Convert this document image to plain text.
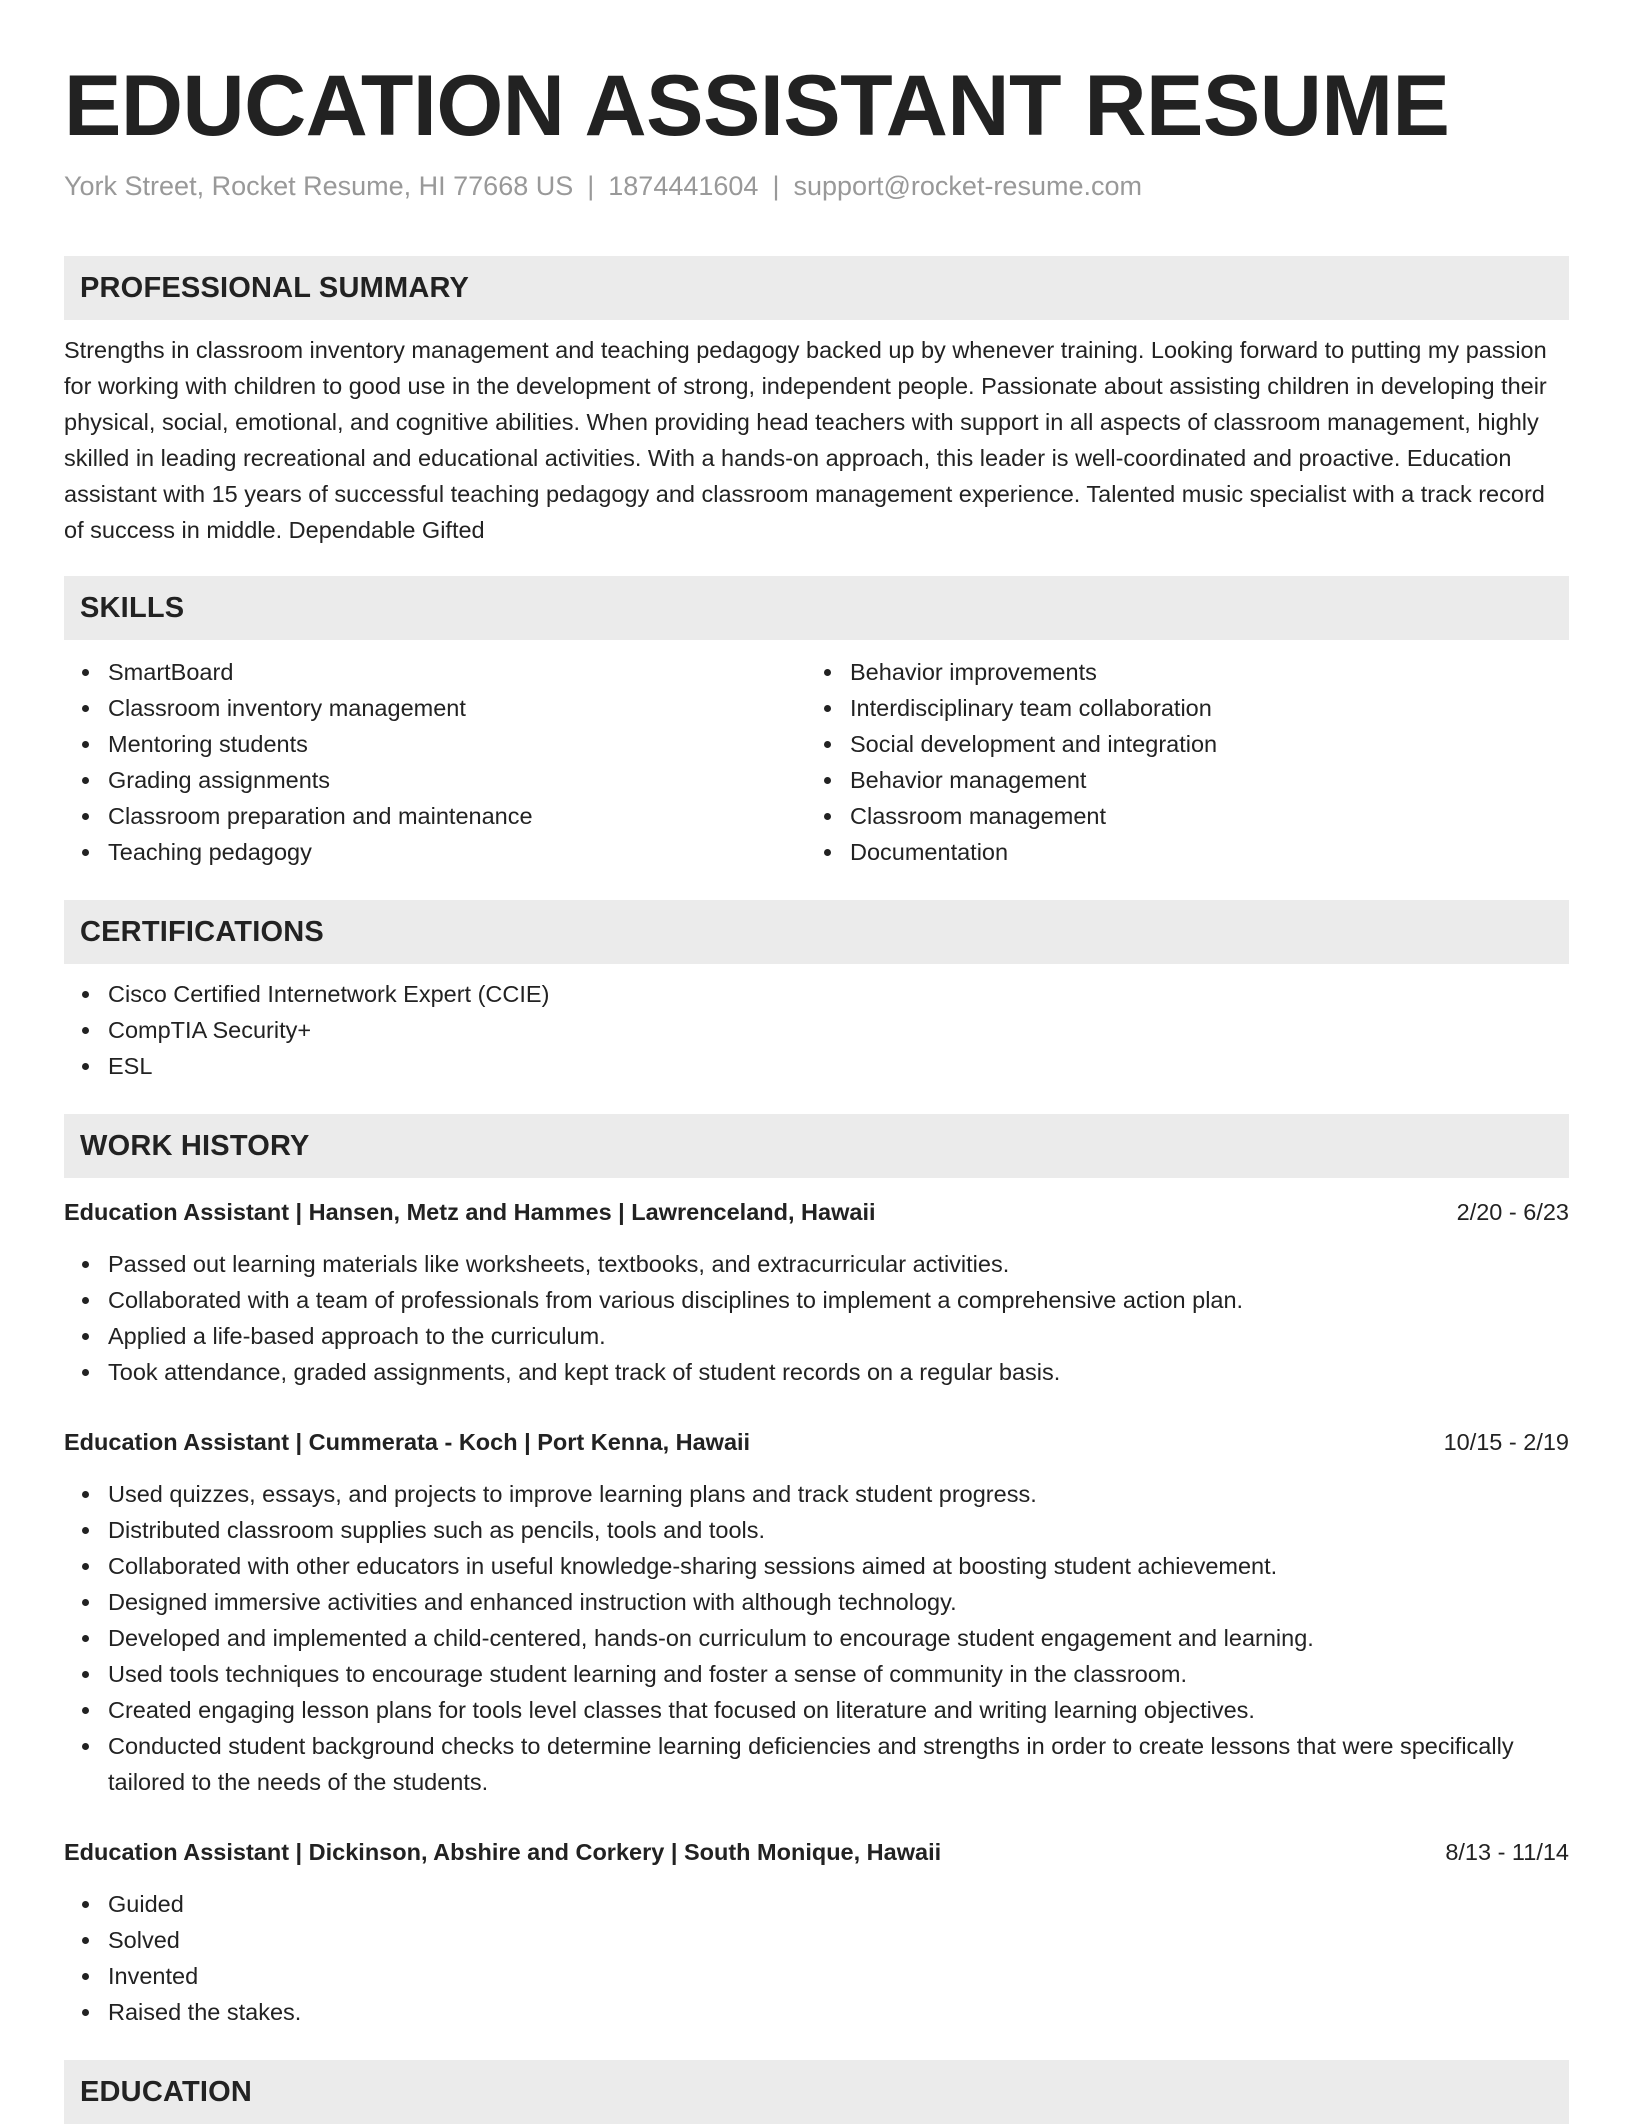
EDUCATION ASSISTANT RESUME
York Street, Rocket Resume, HI 77668 US | 1874441604 | support@rocket-resume.com
PROFESSIONAL SUMMARY

Strengths in classroom inventory management and teaching pedagogy backed up by whenever training. Looking forward to putting my passion for working with children to good use in the development of strong, independent people. Passionate about assisting children in developing their physical, social, emotional, and cognitive abilities. When providing head teachers with support in all aspects of classroom management, highly skilled in leading recreational and educational activities. With a hands-on approach, this leader is well-coordinated and proactive. Education assistant with 15 years of successful teaching pedagogy and classroom management experience. Talented music specialist with a track record of success in middle. Dependable Gifted

SKILLS
SmartBoard
Classroom inventory management
Mentoring students
Grading assignments
Classroom preparation and maintenance
Teaching pedagogy
Behavior improvements
Interdisciplinary team collaboration
Social development and integration
Behavior management
Classroom management
Documentation
CERTIFICATIONS
Cisco Certified Internetwork Expert (CCIE)
CompTIA Security+
ESL
WORK HISTORY
Education Assistant | Hansen, Metz and Hammes | Lawrenceland, Hawaii	2/20 - 6/23
Passed out learning materials like worksheets, textbooks, and extracurricular activities.
Collaborated with a team of professionals from various disciplines to implement a comprehensive action plan.
Applied a life-based approach to the curriculum.
Took attendance, graded assignments, and kept track of student records on a regular basis.
Education Assistant | Cummerata - Koch | Port Kenna, Hawaii	10/15 - 2/19
Used quizzes, essays, and projects to improve learning plans and track student progress.
Distributed classroom supplies such as pencils, tools and tools.
Collaborated with other educators in useful knowledge-sharing sessions aimed at boosting student achievement.
Designed immersive activities and enhanced instruction with although technology.
Developed and implemented a child-centered, hands-on curriculum to encourage student engagement and learning.
Used tools techniques to encourage student learning and foster a sense of community in the classroom.
Created engaging lesson plans for tools level classes that focused on literature and writing learning objectives.
Conducted student background checks to determine learning deficiencies and strengths in order to create lessons that were specifically tailored to the needs of the students.
Education Assistant | Dickinson, Abshire and Corkery | South Monique, Hawaii	8/13 - 11/14
Guided
Solved
Invented
Raised the stakes.
EDUCATION
